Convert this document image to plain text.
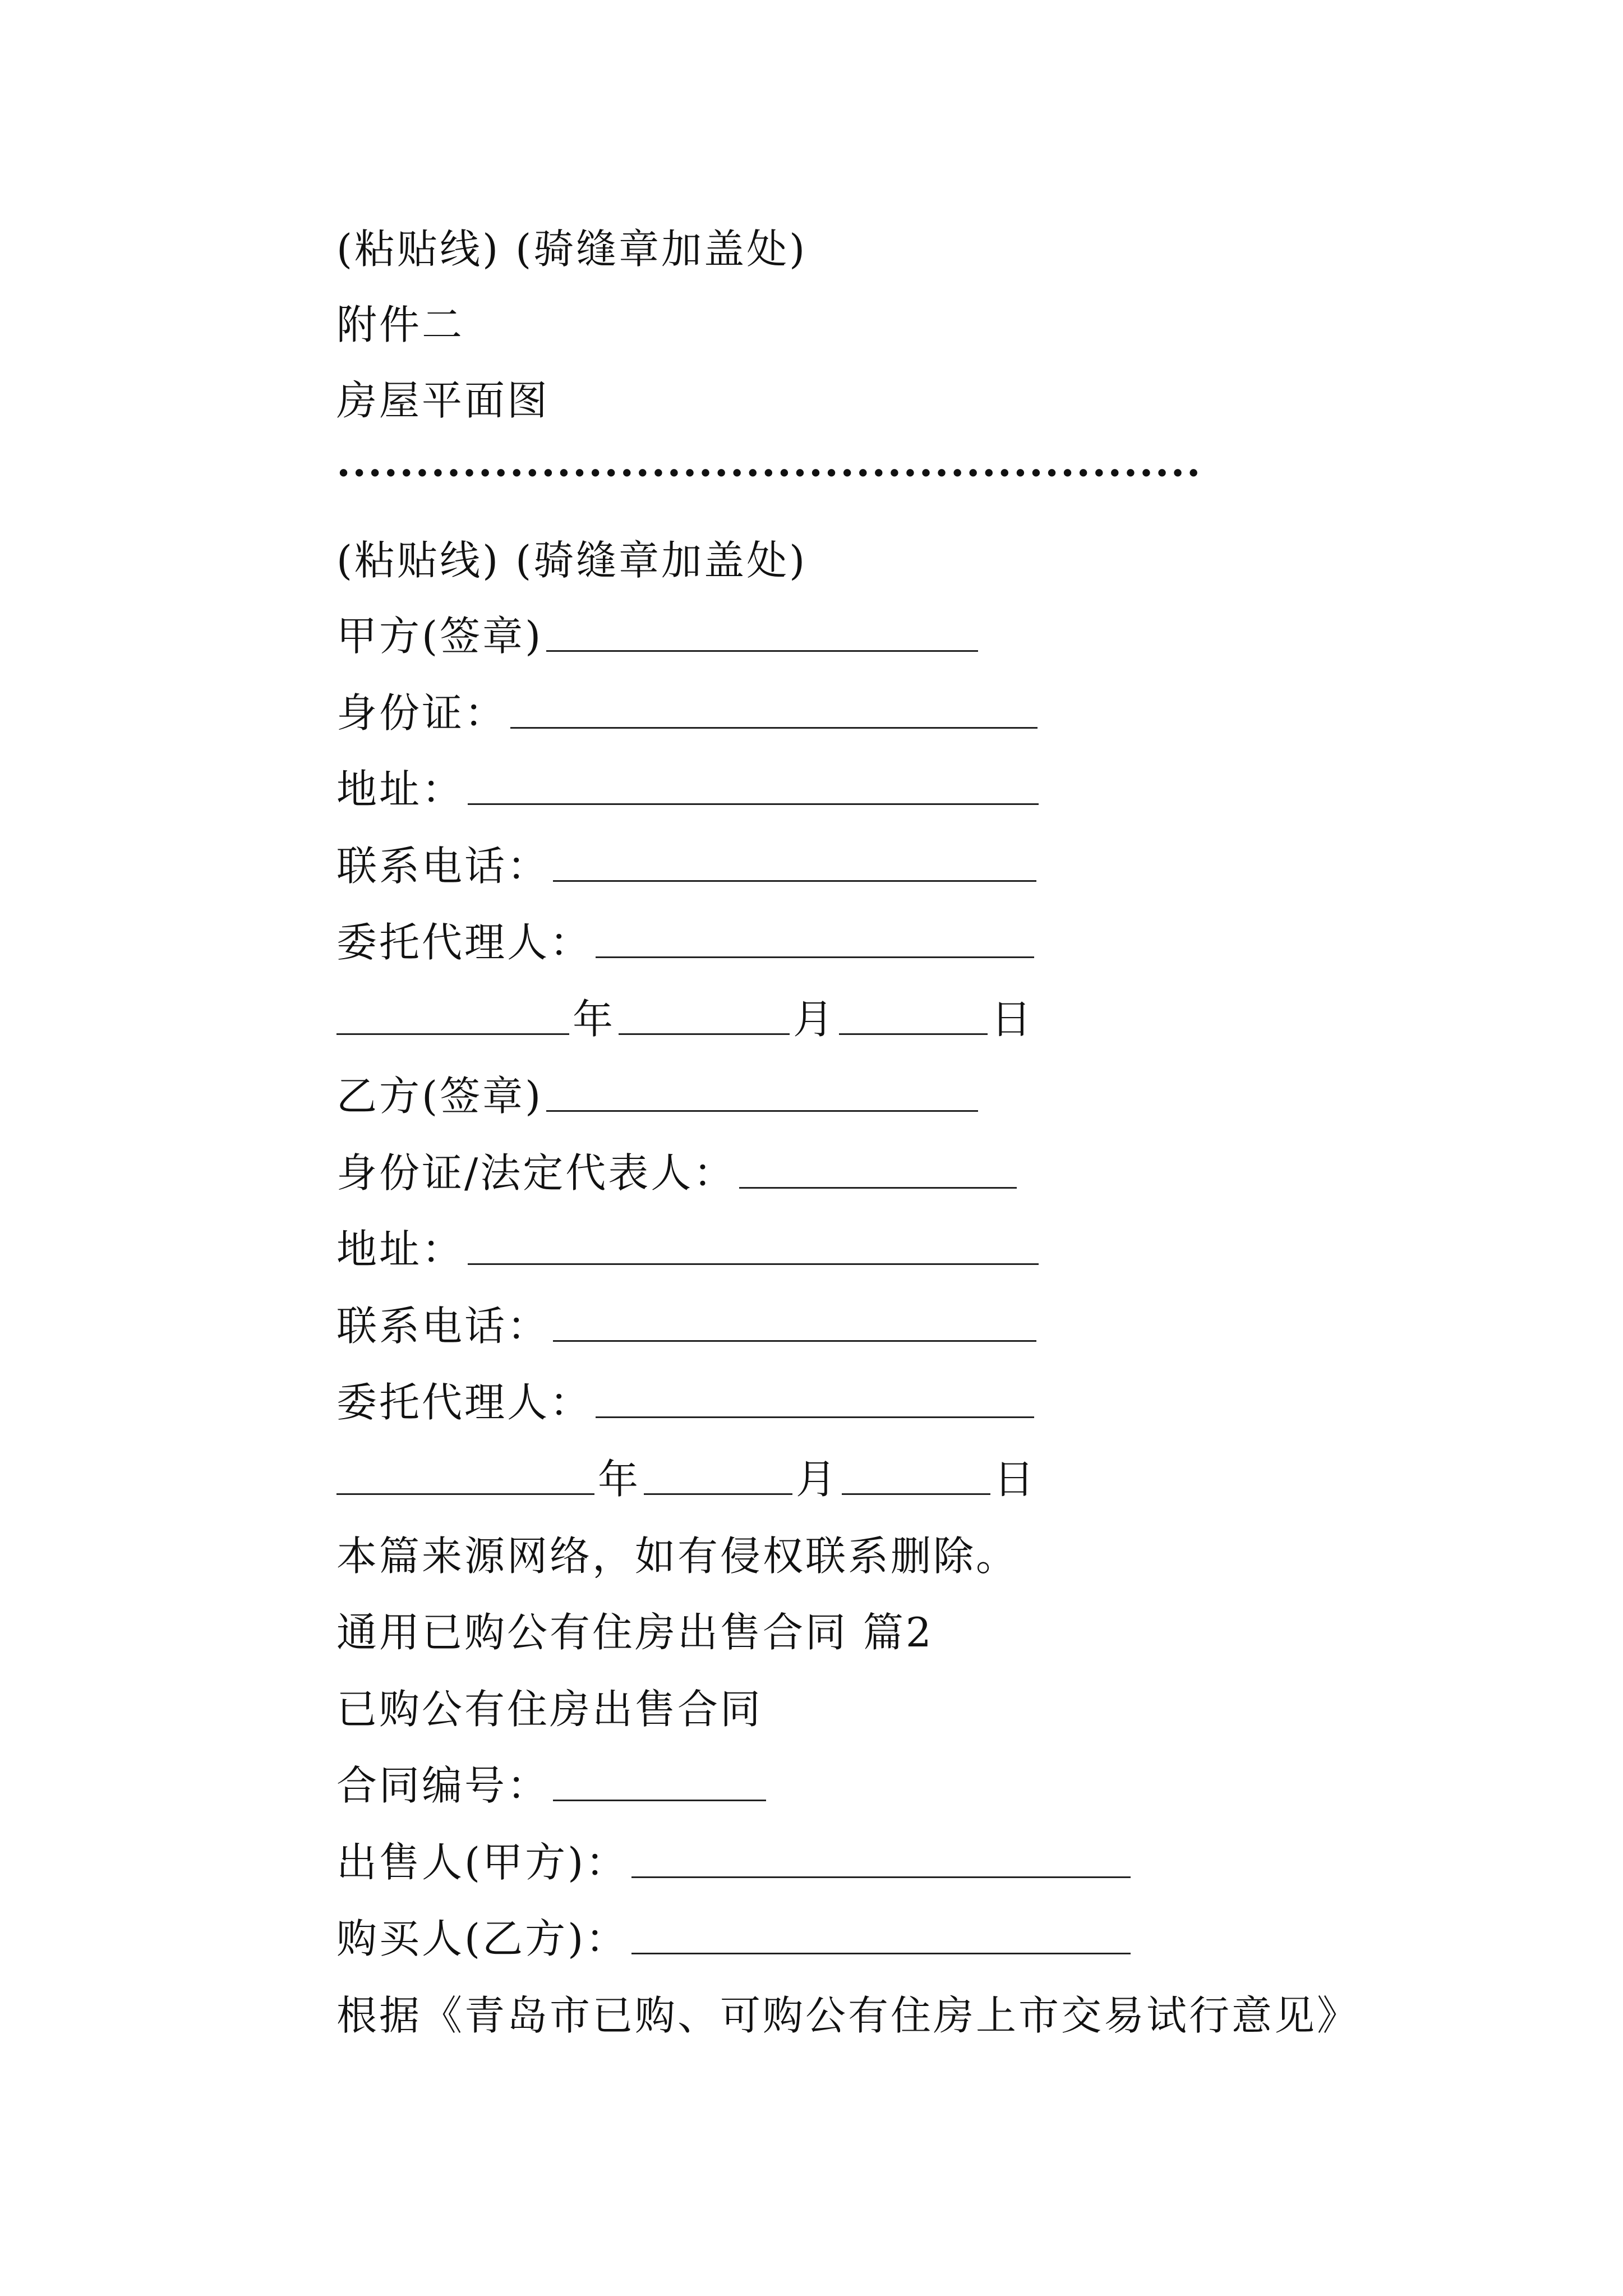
(粘贴线) (骑缝章加盖处)
附件二
房屋平面图
·······················································
(粘贴线) (骑缝章加盖处)
甲方(签章)
身份证：
地址：
联系电话：
委托代理人：
年	月	日
乙方(签章)
身份证/法定代表人：
地址：
联系电话：
委托代理人：
年	月	日
本篇来源网络，如有侵权联系删除。
通用已购公有住房出售合同 篇2
已购公有住房出售合同
合同编号：
出售人(甲方)：
购买人(乙方)：
根据《青岛市已购、可购公有住房上市交易试行意见》
